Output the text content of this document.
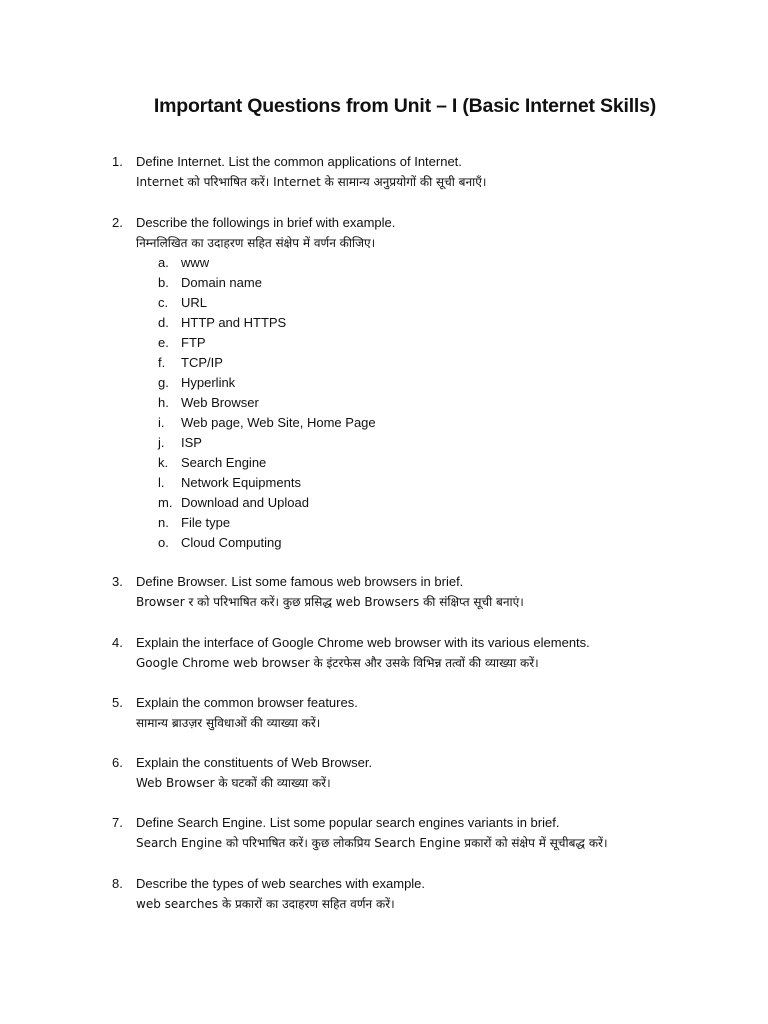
Important Questions from Unit – I (Basic Internet Skills)
1.	Define Internet. List the common applications of Internet.
Internet को परिभाषित करें। Internet के सामान्य अनुप्रयोगों की सूची बनाएँ।
2.	Describe the followings in brief with example.
निम्नलिखित का उदाहरण सहित संक्षेप में वर्णन कीजिए।
a. www
b. Domain name
c. URL
d. HTTP and HTTPS
e. FTP
f.	TCP/IP
g. Hyperlink
h. Web Browser
i.	Web page, Web Site, Home Page
j.	ISP
k. Search Engine
l.	Network Equipments
m. Download and Upload
n. File type
o. Cloud Computing
3.	Define Browser. List some famous web browsers in brief.
Browser र को परिभाषित करें। कुछ प्रसिद्ध web Browsers की संक्षिप्त सूची बनाएं।
4.	Explain the interface of Google Chrome web browser with its various elements.
Google Chrome web browser के इंटरफेस और उसके विभिन्न तत्वों की व्याख्या करें।
5.	Explain the common browser features.
सामान्य ब्राउज़र सुविधाओं की व्याख्या करें।
6.	Explain the constituents of Web Browser.
Web Browser के घटकों की व्याख्या करें।
7.	Define Search Engine. List some popular search engines variants in brief.
Search Engine को परिभाषित करें। कुछ लोकप्रिय Search Engine प्रकारों को संक्षेप में सूचीबद्ध करें।
8.	Describe the types of web searches with example.
web searches के प्रकारों का उदाहरण सहित वर्णन करें।
